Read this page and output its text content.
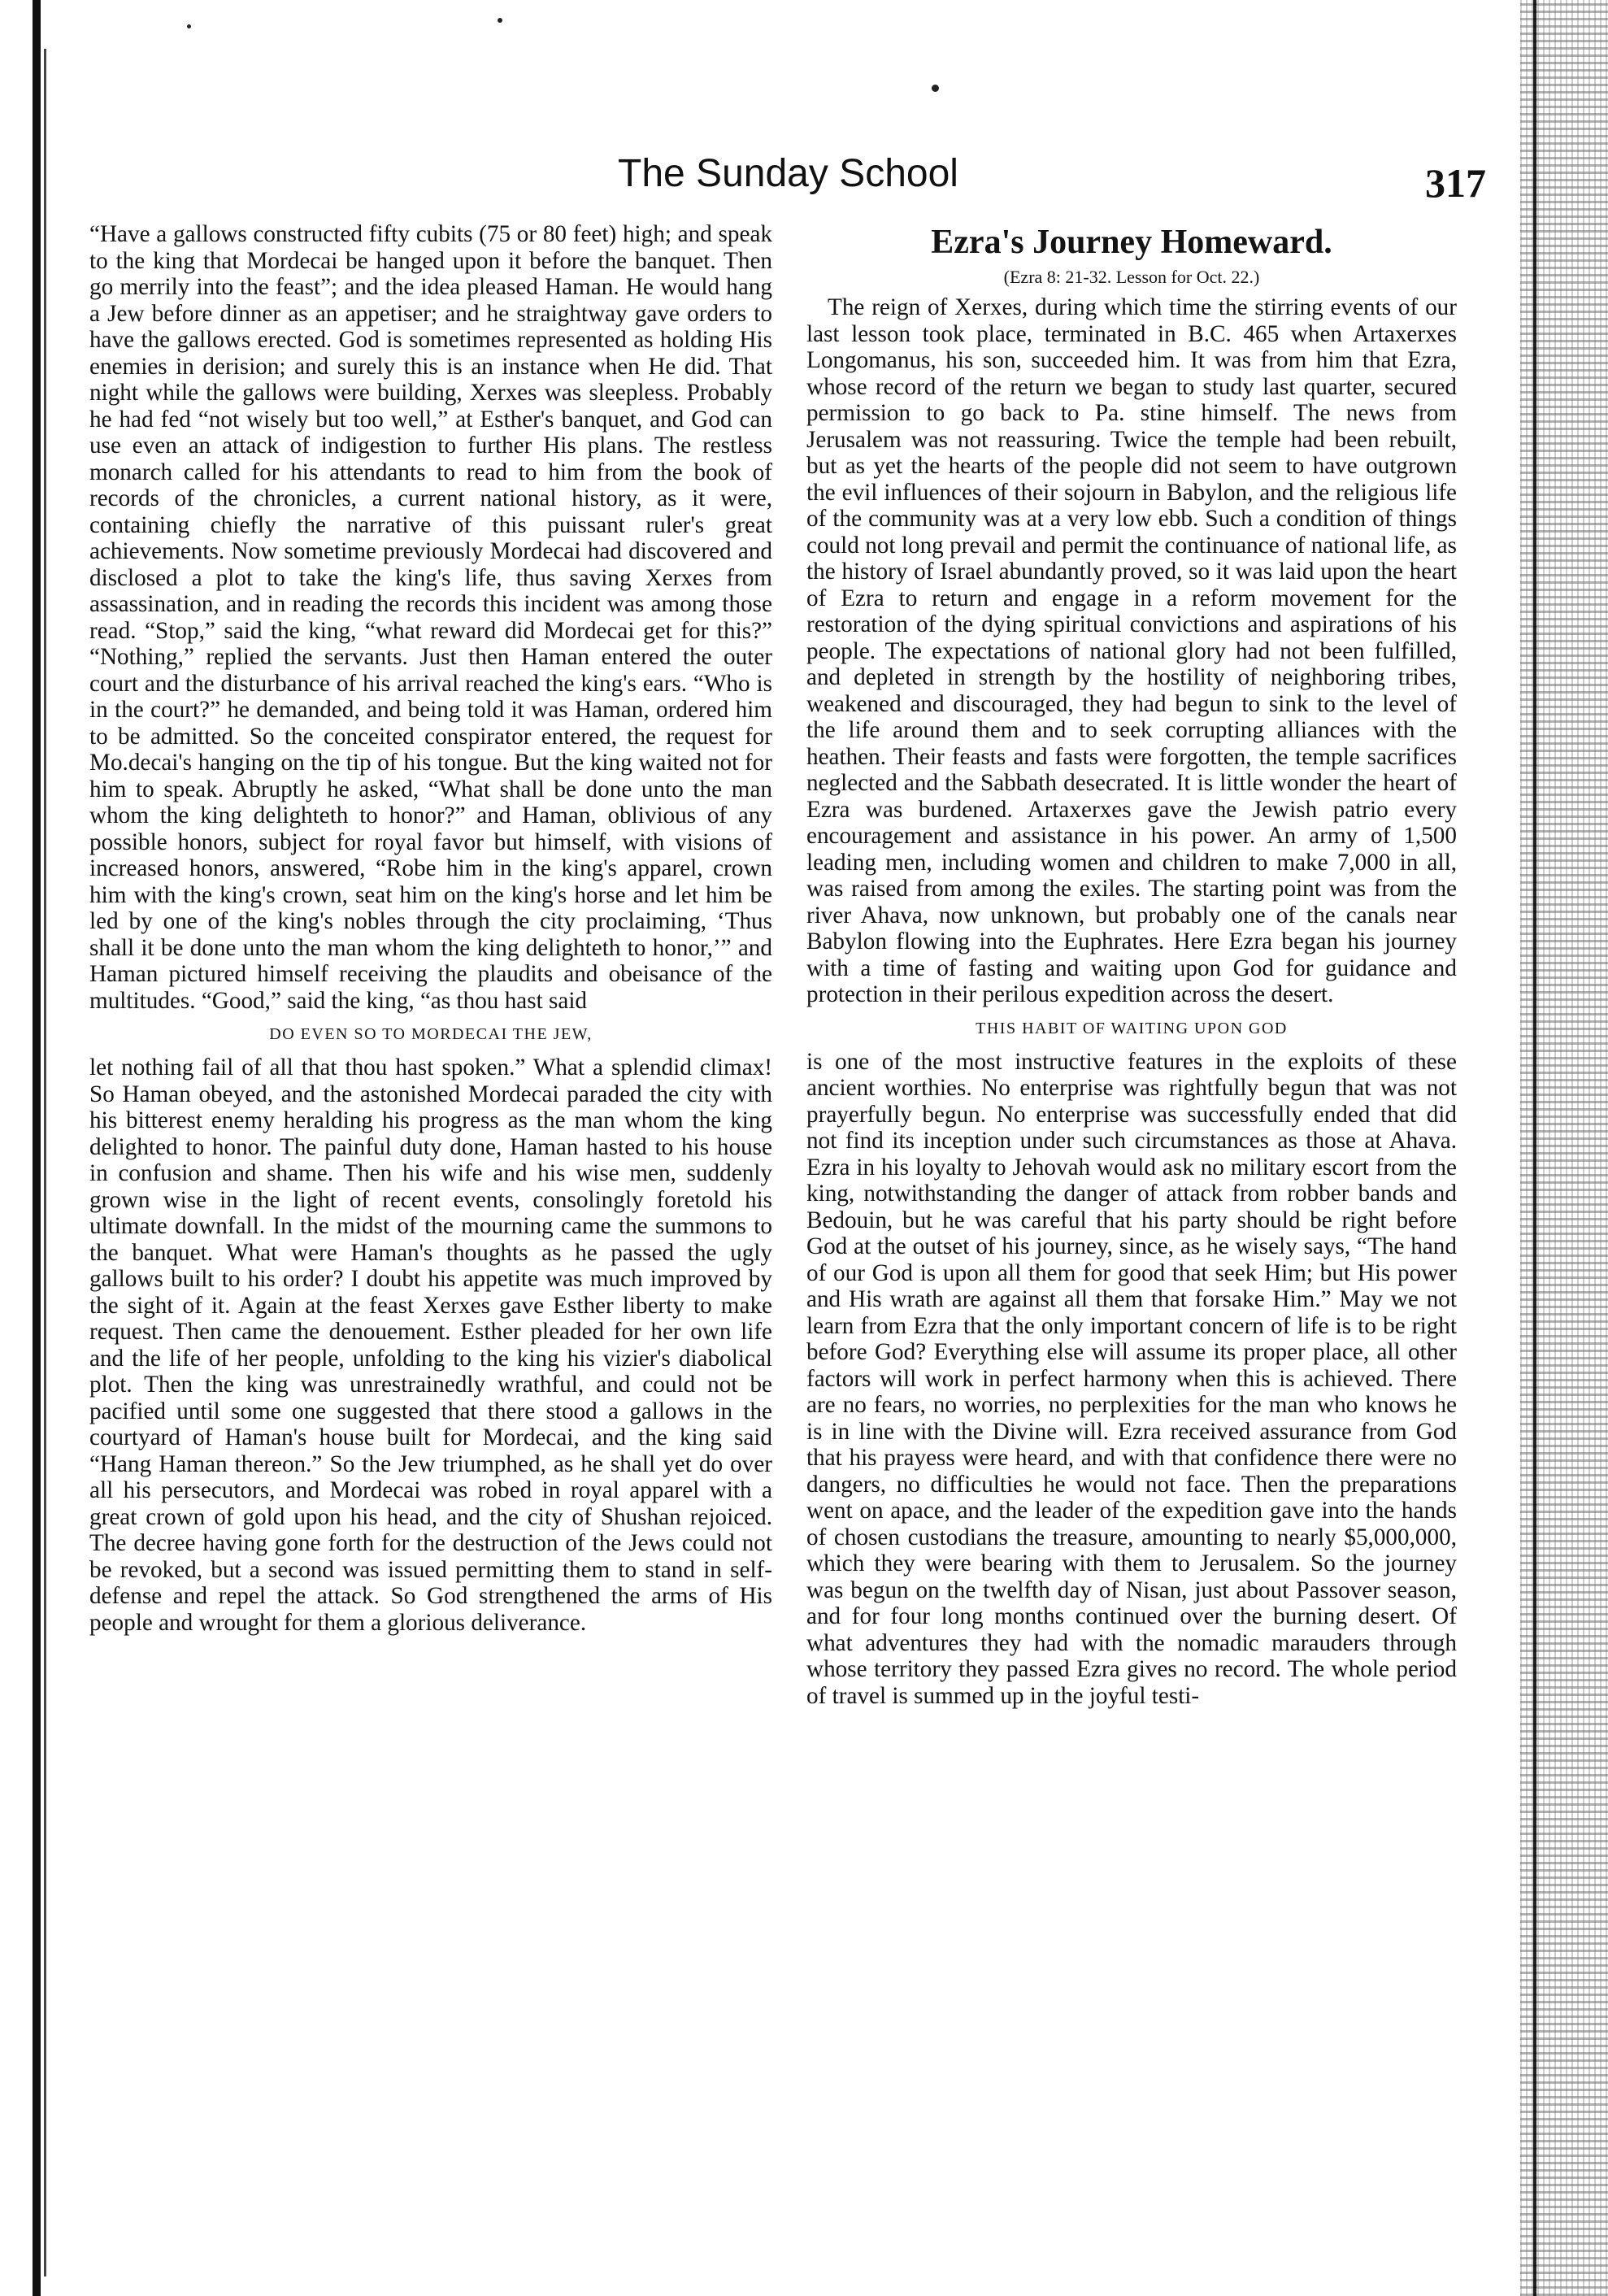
The Sunday School	317

“Have a gallows constructed fifty cubits (75 or 80 feet) high; and speak to the king that Mordecai be hanged upon it before the banquet. Then go merrily into the feast”; and the idea pleased Haman. He would hang a Jew before dinner as an appetiser; and he straightway gave orders to have the gallows erected. God is sometimes represented as holding His enemies in derision; and surely this is an instance when He did. That night while the gallows were building, Xerxes was sleepless. Probably he had fed “not wisely but too well,” at Esther's banquet, and God can use even an attack of indigestion to further His plans. The restless monarch called for his attendants to read to him from the book of records of the chronicles, a current national history, as it were, containing chiefly the narrative of this puissant ruler's great achievements. Now sometime previously Mordecai had discovered and disclosed a plot to take the king's life, thus saving Xerxes from assassination, and in reading the records this incident was among those read. “Stop,” said the king, “what reward did Mordecai get for this?” “Nothing,” replied the servants. Just then Haman entered the outer court and the disturbance of his arrival reached the king's ears. “Who is in the court?” he demanded, and being told it was Haman, ordered him to be admitted. So the conceited conspirator entered, the request for Mo.decai's hanging on the tip of his tongue. But the king waited not for him to speak. Abruptly he asked, “What shall be done unto the man whom the king delighteth to honor?” and Haman, oblivious of any possible honors, subject for royal favor but himself, with visions of increased honors, answered, “Robe him in the king's apparel, crown him with the king's crown, seat him on the king's horse and let him be led by one of the king's nobles through the city proclaiming, ‘Thus shall it be done unto the man whom the king delighteth to honor,’” and Haman pictured himself receiving the plaudits and obeisance of the multitudes. “Good,” said the king, “as thou hast said

DO EVEN SO TO MORDECAI THE JEW,

let nothing fail of all that thou hast spoken.” What a splendid climax! So Haman obeyed, and the astonished Mordecai paraded the city with his bitterest enemy heralding his progress as the man whom the king delighted to honor. The painful duty done, Haman hasted to his house in confusion and shame. Then his wife and his wise men, suddenly grown wise in the light of recent events, consolingly foretold his ultimate downfall. In the midst of the mourning came the summons to the banquet. What were Haman's thoughts as he passed the ugly gallows built to his order? I doubt his appetite was much improved by the sight of it. Again at the feast Xerxes gave Esther liberty to make request. Then came the denouement. Esther pleaded for her own life and the life of her people, unfolding to the king his vizier's diabolical plot. Then the king was unrestrainedly wrathful, and could not be pacified until some one suggested that there stood a gallows in the courtyard of Haman's house built for Mordecai, and the king said “Hang Haman thereon.” So the Jew triumphed, as he shall yet do over all his persecutors, and Mordecai was robed in royal apparel with a great crown of gold upon his head, and the city of Shushan rejoiced. The decree having gone forth for the destruction of the Jews could not be revoked, but a second was issued permitting them to stand in self-defense and repel the attack. So God strengthened the arms of His people and wrought for them a glorious deliverance.

Ezra's Journey Homeward.
(Ezra 8: 21-32. Lesson for Oct. 22.)

The reign of Xerxes, during which time the stirring events of our last lesson took place, terminated in B.C. 465 when Artaxerxes Longomanus, his son, succeeded him. It was from him that Ezra, whose record of the return we began to study last quarter, secured permission to go back to Pa. stine himself. The news from Jerusalem was not reassuring. Twice the temple had been rebuilt, but as yet the hearts of the people did not seem to have outgrown the evil influences of their sojourn in Babylon, and the religious life of the community was at a very low ebb. Such a condition of things could not long prevail and permit the continuance of national life, as the history of Israel abundantly proved, so it was laid upon the heart of Ezra to return and engage in a reform movement for the restoration of the dying spiritual convictions and aspirations of his people. The expectations of national glory had not been fulfilled, and depleted in strength by the hostility of neighboring tribes, weakened and discouraged, they had begun to sink to the level of the life around them and to seek corrupting alliances with the heathen. Their feasts and fasts were forgotten, the temple sacrifices neglected and the Sabbath desecrated. It is little wonder the heart of Ezra was burdened. Artaxerxes gave the Jewish patrio every encouragement and assistance in his power. An army of 1,500 leading men, including women and children to make 7,000 in all, was raised from among the exiles. The starting point was from the river Ahava, now unknown, but probably one of the canals near Babylon flowing into the Euphrates. Here Ezra began his journey with a time of fasting and waiting upon God for guidance and protection in their perilous expedition across the desert.

THIS HABIT OF WAITING UPON GOD

is one of the most instructive features in the exploits of these ancient worthies. No enterprise was rightfully begun that was not prayerfully begun. No enterprise was successfully ended that did not find its inception under such circumstances as those at Ahava. Ezra in his loyalty to Jehovah would ask no military escort from the king, notwithstanding the danger of attack from robber bands and Bedouin, but he was careful that his party should be right before God at the outset of his journey, since, as he wisely says, “The hand of our God is upon all them for good that seek Him; but His power and His wrath are against all them that forsake Him.” May we not learn from Ezra that the only important concern of life is to be right before God? Everything else will assume its proper place, all other factors will work in perfect harmony when this is achieved. There are no fears, no worries, no perplexities for the man who knows he is in line with the Divine will. Ezra received assurance from God that his prayess were heard, and with that confidence there were no dangers, no difficulties he would not face. Then the preparations went on apace, and the leader of the expedition gave into the hands of chosen custodians the treasure, amounting to nearly $5,000,000, which they were bearing with them to Jerusalem. So the journey was begun on the twelfth day of Nisan, just about Passover season, and for four long months continued over the burning desert. Of what adventures they had with the nomadic marauders through whose territory they passed Ezra gives no record. The whole period of travel is summed up in the joyful testi-
